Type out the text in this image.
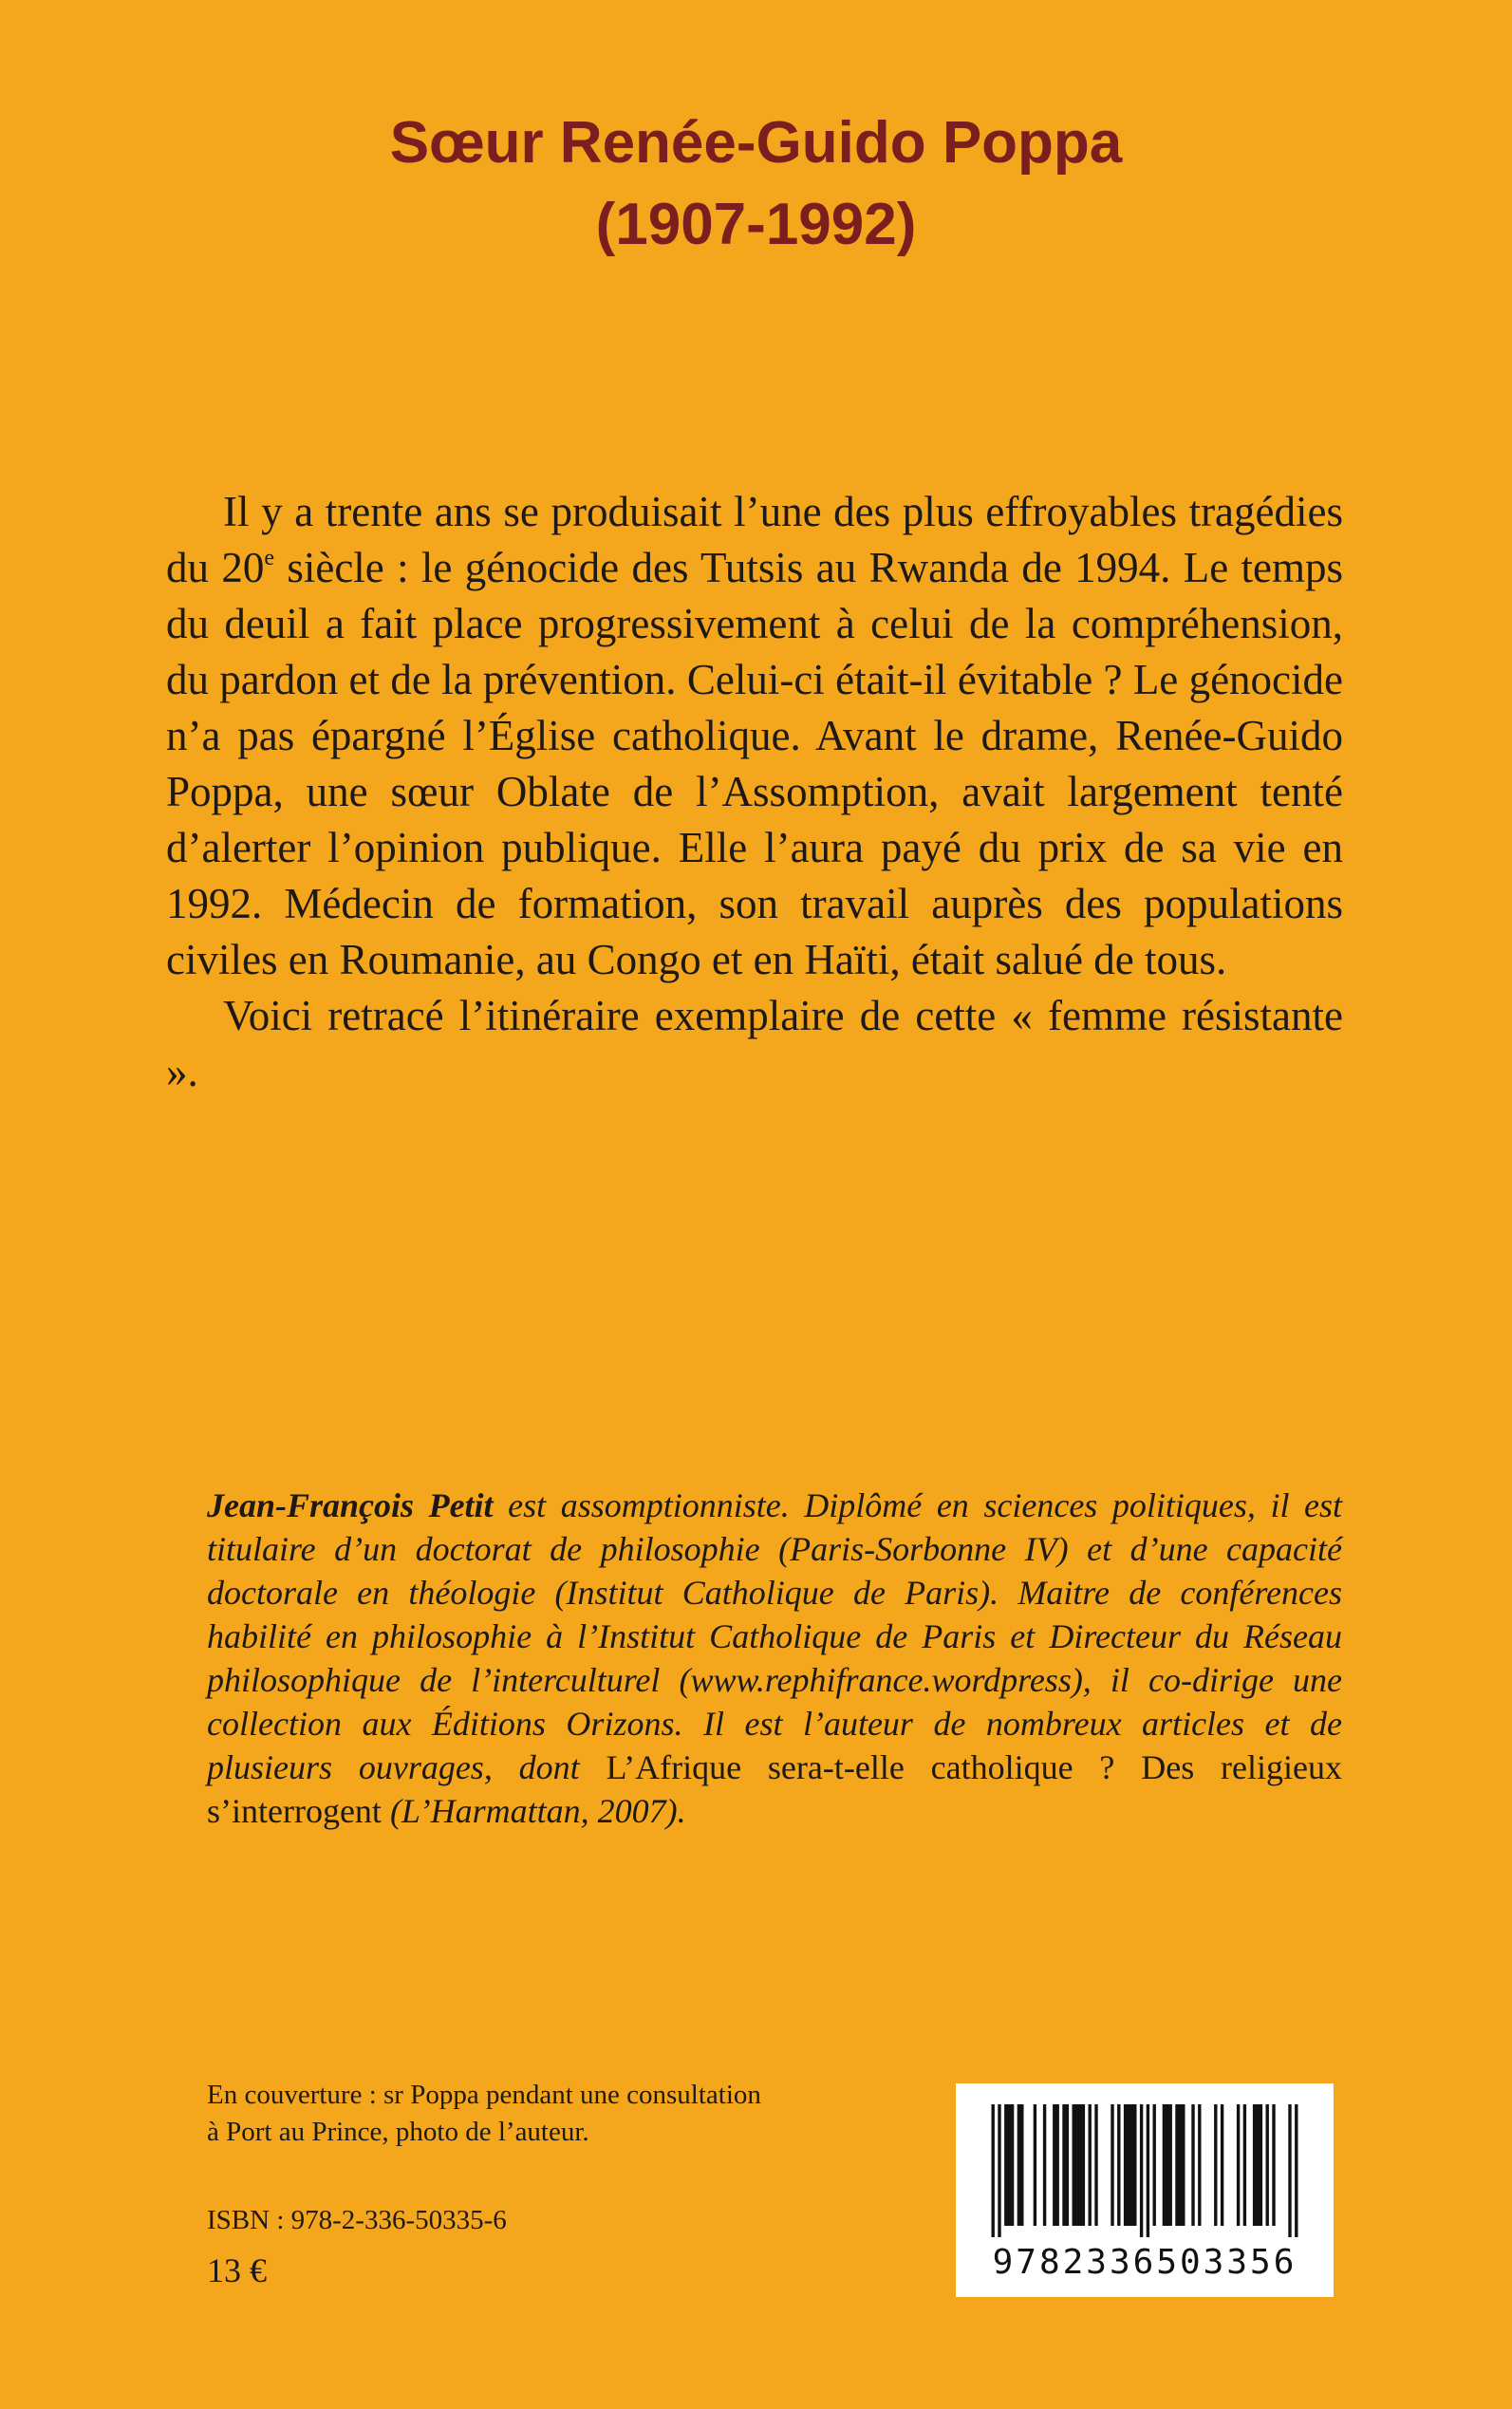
Sœur Renée-Guido Poppa
(1907-1992)

Il y a trente ans se produisait l’une des plus effroyables tragédies du 20e siècle : le génocide des Tutsis au Rwanda de 1994. Le temps du deuil a fait place progressivement à celui de la compréhension, du pardon et de la prévention. Celui-ci était-il évitable ? Le génocide n’a pas épargné l’Église catholique. Avant le drame, Renée-Guido Poppa, une sœur Oblate de l’Assomption, avait largement tenté d’alerter l’opinion publique. Elle l’aura payé du prix de sa vie en 1992. Médecin de formation, son travail auprès des populations civiles en Roumanie, au Congo et en Haïti, était salué de tous.

Voici retracé l’itinéraire exemplaire de cette « femme résistante ».

Jean-François Petit est assomptionniste. Diplômé en sciences politiques, il est titulaire d’un doctorat de philosophie (Paris-Sorbonne IV) et d’une capacité doctorale en théologie (Institut Catholique de Paris). Maitre de conférences habilité en philosophie à l’Institut Catholique de Paris et Directeur du Réseau philosophique de l’interculturel (www.rephifrance.wordpress), il co-dirige une collection aux Éditions Orizons. Il est l’auteur de nombreux articles et de plusieurs ouvrages, dont L’Afrique sera-t-elle catholique ? Des religieux s’interrogent (L’Harmattan, 2007).
En couverture : sr Poppa pendant une consultation
à Port au Prince, photo de l’auteur.
ISBN : 978-2-336-50335-6
13 €	9782336503356
